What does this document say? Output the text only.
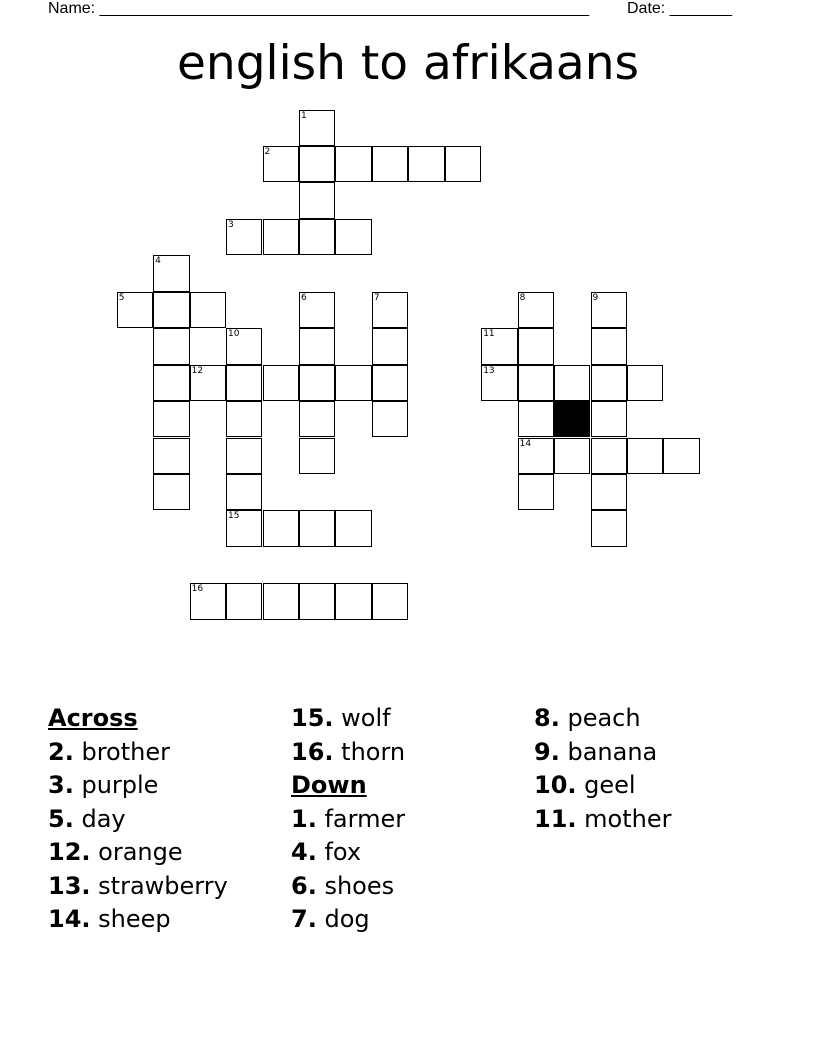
Name: _______________________________________________________ Date: _______
english to afrikaans
1
2
3
4
5	6	7	8	9
10	11
12	13
14
15
16
Across
2. brother
3. purple
5. day
12. orange
13. strawberry
14. sheep
15. wolf
16. thorn
Down
1. farmer
4. fox
6. shoes
7. dog
8. peach
9. banana
10. geel
11. mother
